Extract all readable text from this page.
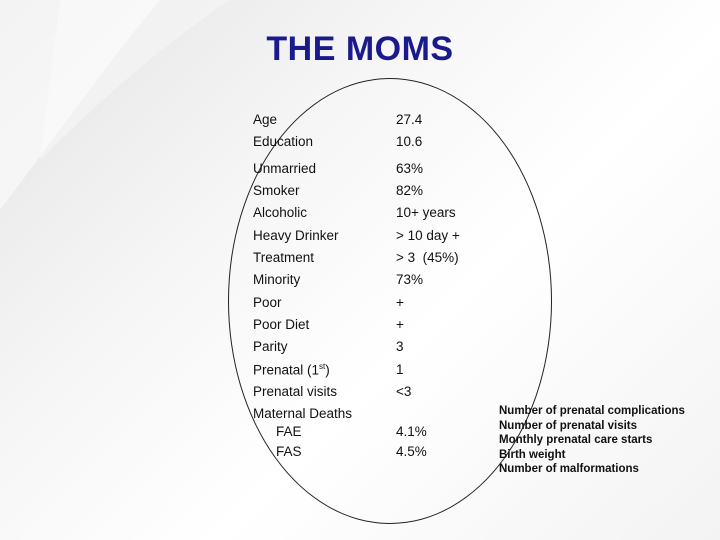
THE MOMS
Age	27.4
Education	10.6
Unmarried	63%
Smoker	82%
Alcoholic	10+ years
Heavy Drinker	> 10 day +
Treatment	> 3  (45%)
Minority	73%
Poor	+
Poor Diet	+
Parity	3
Prenatal (1st)	1
Prenatal visits	<3
Maternal Deaths
FAE	4.1%
FAS	4.5%
Number of prenatal complications
Number of prenatal visits
Monthly prenatal care starts
Birth weight
Number of malformations
